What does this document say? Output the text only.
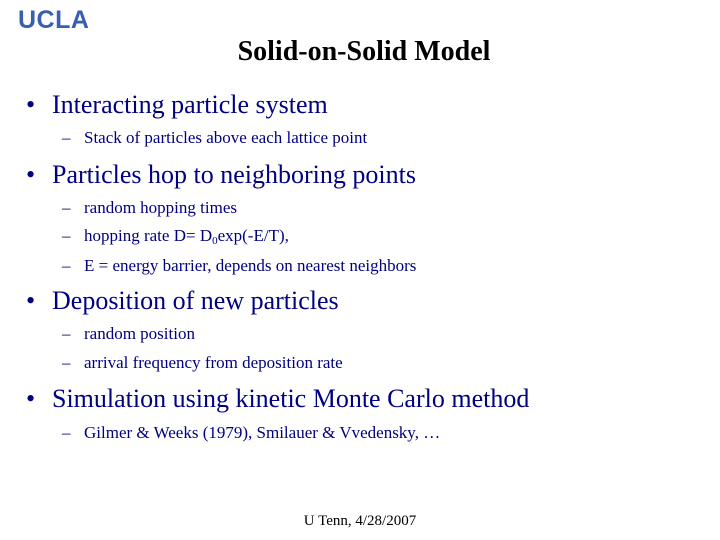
UCLA
Solid-on-Solid Model
• Interacting particle system
– Stack of particles above each lattice point
• Particles hop to neighboring points
– random hopping times
– hopping rate $D= D_0\exp(-E/T)$,
– E = energy barrier, depends on nearest neighbors
• Deposition of new particles
– random position
– arrival frequency from deposition rate
• Simulation using kinetic Monte Carlo method
– Gilmer & Weeks (1979), Smilauer & Vvedensky, …
U Tenn, 4/28/2007
